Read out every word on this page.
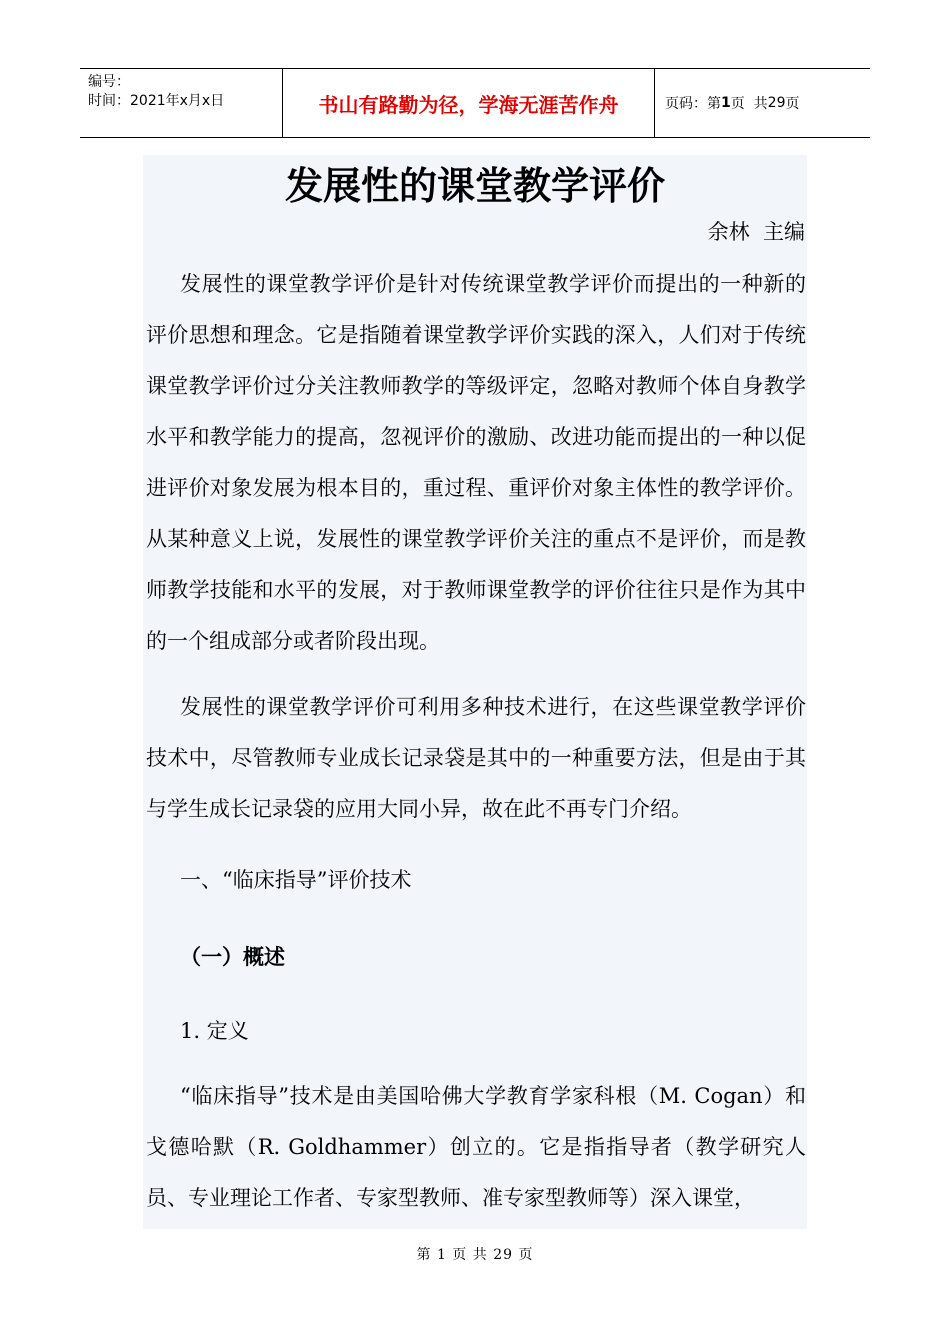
编号：
时间：2021年x月x日	书山有路勤为径，学海无涯苦作舟	页码：第 1 页  共 29 页
发展性的课堂教学评价
余林  主编

发展性的课堂教学评价是针对传统课堂教学评价而提出的一种新的评价思想和理念。它是指随着课堂教学评价实践的深入，人们对于传统课堂教学评价过分关注教师教学的等级评定，忽略对教师个体自身教学水平和教学能力的提高，忽视评价的激励、改进功能而提出的一种以促进评价对象发展为根本目的，重过程、重评价对象主体性的教学评价。从某种意义上说，发展性的课堂教学评价关注的重点不是评价，而是教师教学技能和水平的发展，对于教师课堂教学的评价往往只是作为其中的一个组成部分或者阶段出现。

发展性的课堂教学评价可利用多种技术进行，在这些课堂教学评价技术中，尽管教师专业成长记录袋是其中的一种重要方法，但是由于其与学生成长记录袋的应用大同小异，故在此不再专门介绍。

一、“临床指导”评价技术
（一）概述
1. 定义

“临床指导”技术是由美国哈佛大学教育学家科根（M. Cogan）和戈德哈默（R. Goldhammer）创立的。它是指指导者（教学研究人员、专业理论工作者、专家型教师、准专家型教师等）深入课堂，

第 1 页 共 29 页
